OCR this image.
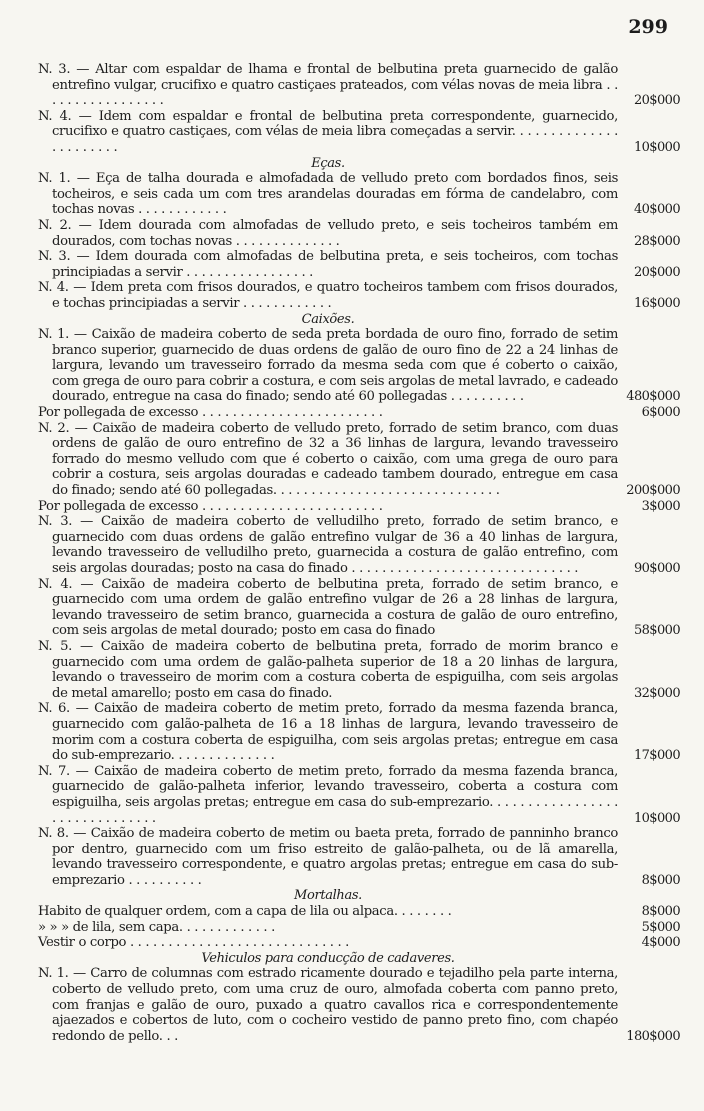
299
N. 3. — Altar com espaldar de lhama e frontal de belbutina preta guarnecido de galão entrefino vulgar, crucifixo e quatro castiçaes prateados, com vélas novas de meia libra . . . . . . . . . . . . . . . . .	20$000
N. 4. — Idem com espaldar e frontal de belbutina preta correspondente, guarnecido, crucifixo e quatro castiçaes, com vélas de meia libra começadas a servir. . . . . . . . . . . . . . . . . . . . . . .	10$000
Eças.
N. 1. — Eça de talha dourada e almofadada de velludo preto com bordados finos, seis tocheiros, e seis cada um com tres arandelas douradas em fórma de candelabro, com tochas novas . . . . . . . . . . . .	40$000
N. 2. — Idem dourada com almofadas de velludo preto, e seis tocheiros também em dourados, com tochas novas . . . . . . . . . . . . . .	28$000
N. 3. — Idem dourada com almofadas de belbutina preta, e seis tocheiros, com tochas principiadas a servir . . . . . . . . . . . . . . . . .	20$000
N. 4. — Idem preta com frisos dourados, e quatro tocheiros tambem com frisos dourados, e tochas principiadas a servir . . . . . . . . . . . .	16$000
Caixões.
N. 1. — Caixão de madeira coberto de seda preta bordada de ouro fino, forrado de setim branco superior, guarnecido de duas ordens de galão de ouro fino de 22 a 24 linhas de largura, levando um travesseiro forrado da mesma seda com que é coberto o caixão, com grega de ouro para cobrir a costura, e com seis argolas de metal lavrado, e cadeado dourado, entregue na casa do finado; sendo até 60 pollegadas . . . . . . . . . .	480$000
Por pollegada de excesso . . . . . . . . . . . . . . . . . . . . . . . .	6$000
N. 2. — Caixão de madeira coberto de velludo preto, forrado de setim branco, com duas ordens de galão de ouro entrefino de 32 a 36 linhas de largura, levando travesseiro forrado do mesmo velludo com que é coberto o caixão, com uma grega de ouro para cobrir a costura, seis argolas douradas e cadeado tambem dourado, entregue em casa do finado; sendo até 60 pollegadas. . . . . . . . . . . . . . . . . . . . . . . . . . . . . .	200$000
Por pollegada de excesso . . . . . . . . . . . . . . . . . . . . . . . .	3$000
N. 3. — Caixão de madeira coberto de velludilho preto, forrado de setim branco, e guarnecido com duas ordens de galão entrefino vulgar de 36 a 40 linhas de largura, levando travesseiro de velludilho preto, guarnecida a costura de galão entrefino, com seis argolas douradas; posto na casa do finado . . . . . . . . . . . . . . . . . . . . . . . . . . . . . .	90$000
N. 4. — Caixão de madeira coberto de belbutina preta, forrado de setim branco, e guarnecido com uma ordem de galão entrefino vulgar de 26 a 28 linhas de largura, levando travesseiro de setim branco, guarnecida a costura de galão de ouro entrefino, com seis argolas de metal dourado; posto em casa do finado	58$000
N. 5. — Caixão de madeira coberto de belbutina preta, forrado de morim branco e guarnecido com uma ordem de galão-palheta superior de 18 a 20 linhas de largura, levando o travesseiro de morim com a costura coberta de espiguilha, com seis argolas de metal amarello; posto em casa do finado.	32$000
N. 6. — Caixão de madeira coberto de metim preto, forrado da mesma fazenda branca, guarnecido com galão-palheta de 16 a 18 linhas de largura, levando travesseiro de morim com a costura coberta de espiguilha, com seis argolas pretas; entregue em casa do sub-emprezario. . . . . . . . . . . . . .	17$000
N. 7. — Caixão de madeira coberto de metim preto, forrado da mesma fazenda branca, guarnecido de galão-palheta inferior, levando travesseiro, coberta a costura com espiguilha, seis argolas pretas; entregue em casa do sub-emprezario. . . . . . . . . . . . . . . . . . . . . . . . . . . . . . .	10$000
N. 8. — Caixão de madeira coberto de metim ou baeta preta, forrado de panninho branco por dentro, guarnecido com um friso estreito de galão-palheta, ou de lã amarella, levando travesseiro correspondente, e quatro argolas pretas; entregue em casa do sub-emprezario . . . . . . . . . .	8$000
Mortalhas.
Habito de qualquer ordem, com a capa de lila ou alpaca. . . . . . . .	8$000
» » » de lila, sem capa. . . . . . . . . . . . .	5$000
Vestir o corpo . . . . . . . . . . . . . . . . . . . . . . . . . . . . .	4$000
Vehiculos para conducção de cadaveres.
N. 1. — Carro de columnas com estrado ricamente dourado e tejadilho pela parte interna, coberto de velludo preto, com uma cruz de ouro, almofada coberta com panno preto, com franjas e galão de ouro, puxado a quatro cavallos rica e correspondentemente ajaezados e cobertos de luto, com o cocheiro vestido de panno preto fino, com chapéo redondo de pello. . .	180$000
